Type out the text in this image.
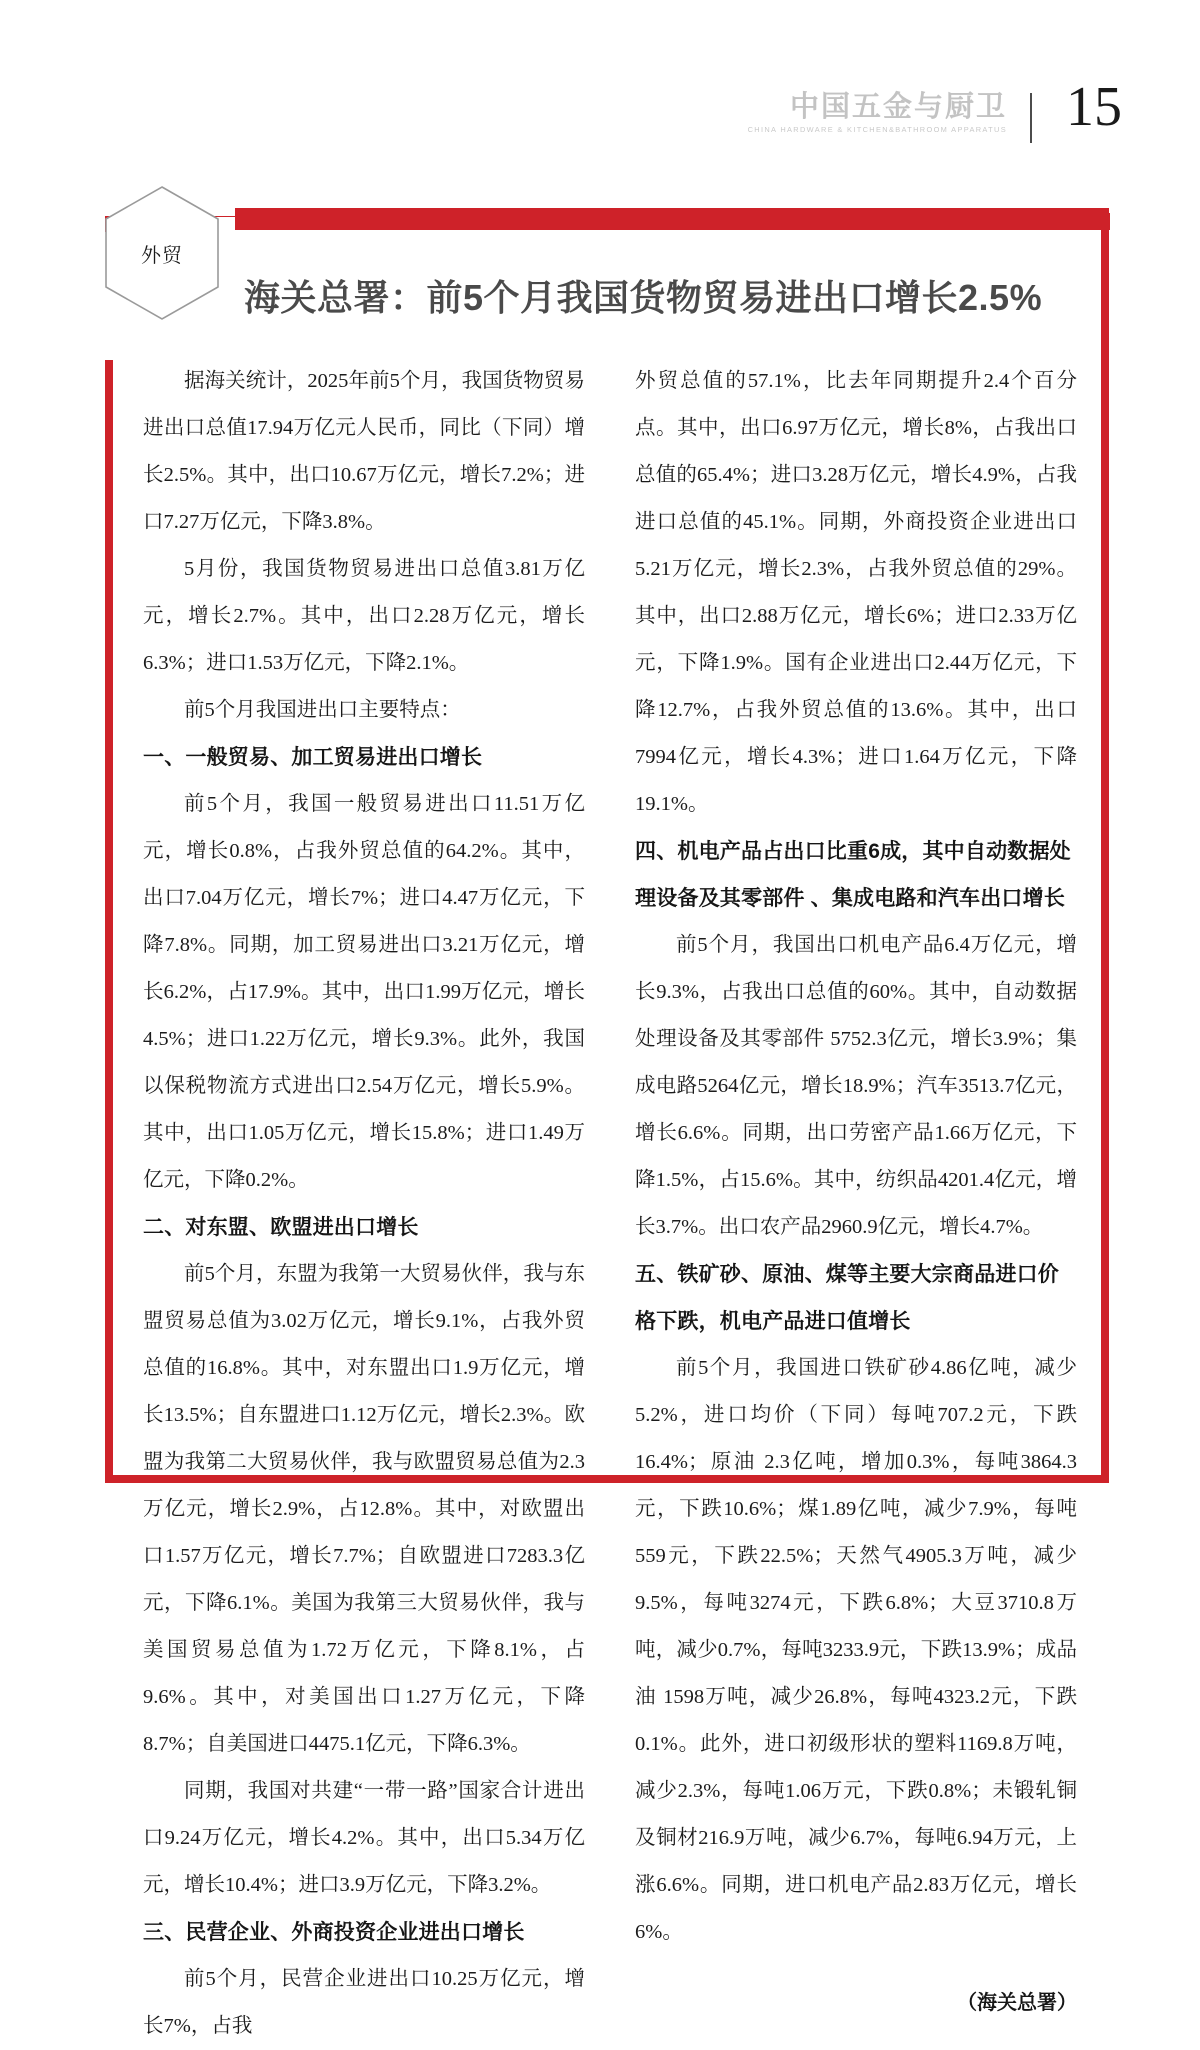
中国五金与厨卫
CHINA HARDWARE & KITCHEN&BATHROOM APPARATUS 15
外贸
海关总署：前5个月我国货物贸易进出口增长2.5%

据海关统计，2025年前5个月，我国货物贸易进出口总值17.94万亿元人民币，同比（下同）增长2.5%。其中，出口10.67万亿元，增长7.2%；进口7.27万亿元，下降3.8%。

5月份，我国货物贸易进出口总值3.81万亿元，增长2.7%。其中，出口2.28万亿元，增长6.3%；进口1.53万亿元，下降2.1%。

前5个月我国进出口主要特点：

一、一般贸易、加工贸易进出口增长

前5个月，我国一般贸易进出口11.51万亿元，增长0.8%，占我外贸总值的64.2%。其中，出口7.04万亿元，增长7%；进口4.47万亿元，下降7.8%。同期，加工贸易进出口3.21万亿元，增长6.2%，占17.9%。其中，出口1.99万亿元，增长4.5%；进口1.22万亿元，增长9.3%。此外，我国以保税物流方式进出口2.54万亿元，增长5.9%。其中，出口1.05万亿元，增长15.8%；进口1.49万亿元，下降0.2%。

二、对东盟、欧盟进出口增长

前5个月，东盟为我第一大贸易伙伴，我与东盟贸易总值为3.02万亿元，增长9.1%，占我外贸总值的16.8%。其中，对东盟出口1.9万亿元，增长13.5%；自东盟进口1.12万亿元，增长2.3%。欧盟为我第二大贸易伙伴，我与欧盟贸易总值为2.3万亿元，增长2.9%，占12.8%。其中，对欧盟出口1.57万亿元，增长7.7%；自欧盟进口7283.3亿元，下降6.1%。美国为我第三大贸易伙伴，我与美国贸易总值为1.72万亿元，下降8.1%，占9.6%。其中，对美国出口1.27万亿元，下降8.7%；自美国进口4475.1亿元，下降6.3%。

同期，我国对共建“一带一路”国家合计进出口9.24万亿元，增长4.2%。其中，出口5.34万亿元，增长10.4%；进口3.9万亿元，下降3.2%。

三、民营企业、外商投资企业进出口增长

前5个月，民营企业进出口10.25万亿元，增长7%，占我

外贸总值的57.1%，比去年同期提升2.4个百分点。其中，出口6.97万亿元，增长8%，占我出口总值的65.4%；进口3.28万亿元，增长4.9%，占我进口总值的45.1%。同期，外商投资企业进出口5.21万亿元，增长2.3%，占我外贸总值的29%。其中，出口2.88万亿元，增长6%；进口2.33万亿元，下降1.9%。国有企业进出口2.44万亿元，下降12.7%，占我外贸总值的13.6%。其中，出口7994亿元，增长4.3%；进口1.64万亿元，下降19.1%。

四、机电产品占出口比重6成，其中自动数据处理设备及其零部件 、集成电路和汽车出口增长

前5个月，我国出口机电产品6.4万亿元，增长9.3%，占我出口总值的60%。其中，自动数据处理设备及其零部件 5752.3亿元，增长3.9%；集成电路5264亿元，增长18.9%；汽车3513.7亿元，增长6.6%。同期，出口劳密产品1.66万亿元，下降1.5%，占15.6%。其中，纺织品4201.4亿元，增长3.7%。出口农产品2960.9亿元，增长4.7%。

五、铁矿砂、原油、煤等主要大宗商品进口价格下跌，机电产品进口值增长

前5个月，我国进口铁矿砂4.86亿吨，减少5.2%，进口均价（下同）每吨707.2元，下跌16.4%；原油 2.3亿吨，增加0.3%，每吨3864.3元，下跌10.6%；煤1.89亿吨，减少7.9%，每吨559元，下跌22.5%；天然气4905.3万吨，减少9.5%，每吨3274元，下跌6.8%；大豆3710.8万吨，减少0.7%，每吨3233.9元，下跌13.9%；成品油 1598万吨，减少26.8%，每吨4323.2元，下跌0.1%。此外，进口初级形状的塑料1169.8万吨，减少2.3%，每吨1.06万元，下跌0.8%；未锻轧铜及铜材216.9万吨，减少6.7%，每吨6.94万元，上涨6.6%。同期，进口机电产品2.83万亿元，增长6%。

（海关总署）
